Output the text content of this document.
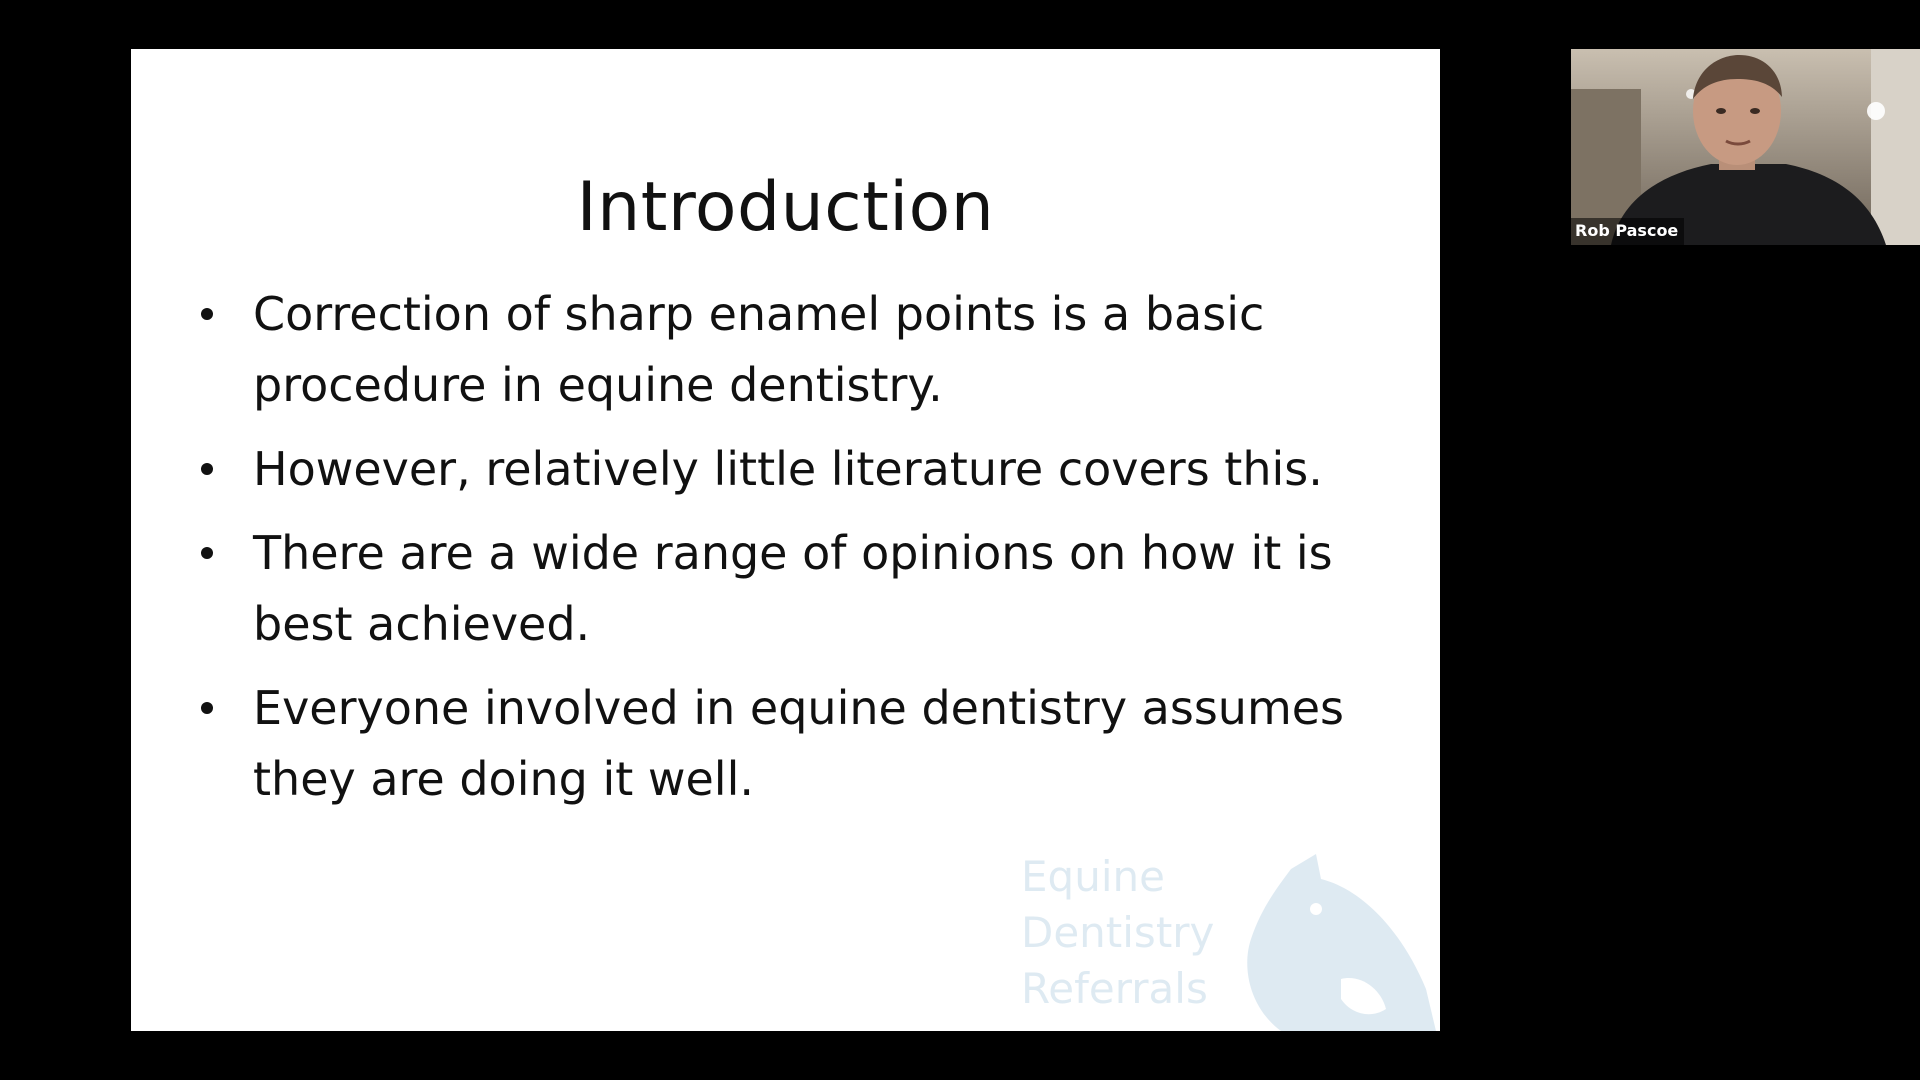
Introduction
Correction of sharp enamel points is a basic procedure in equine dentistry.
However, relatively little literature covers this.
There are a wide range of opinions on how it is best achieved.
Everyone involved in equine dentistry assumes they are doing it well.
Equine
Dentistry
Referrals
Rob Pascoe
